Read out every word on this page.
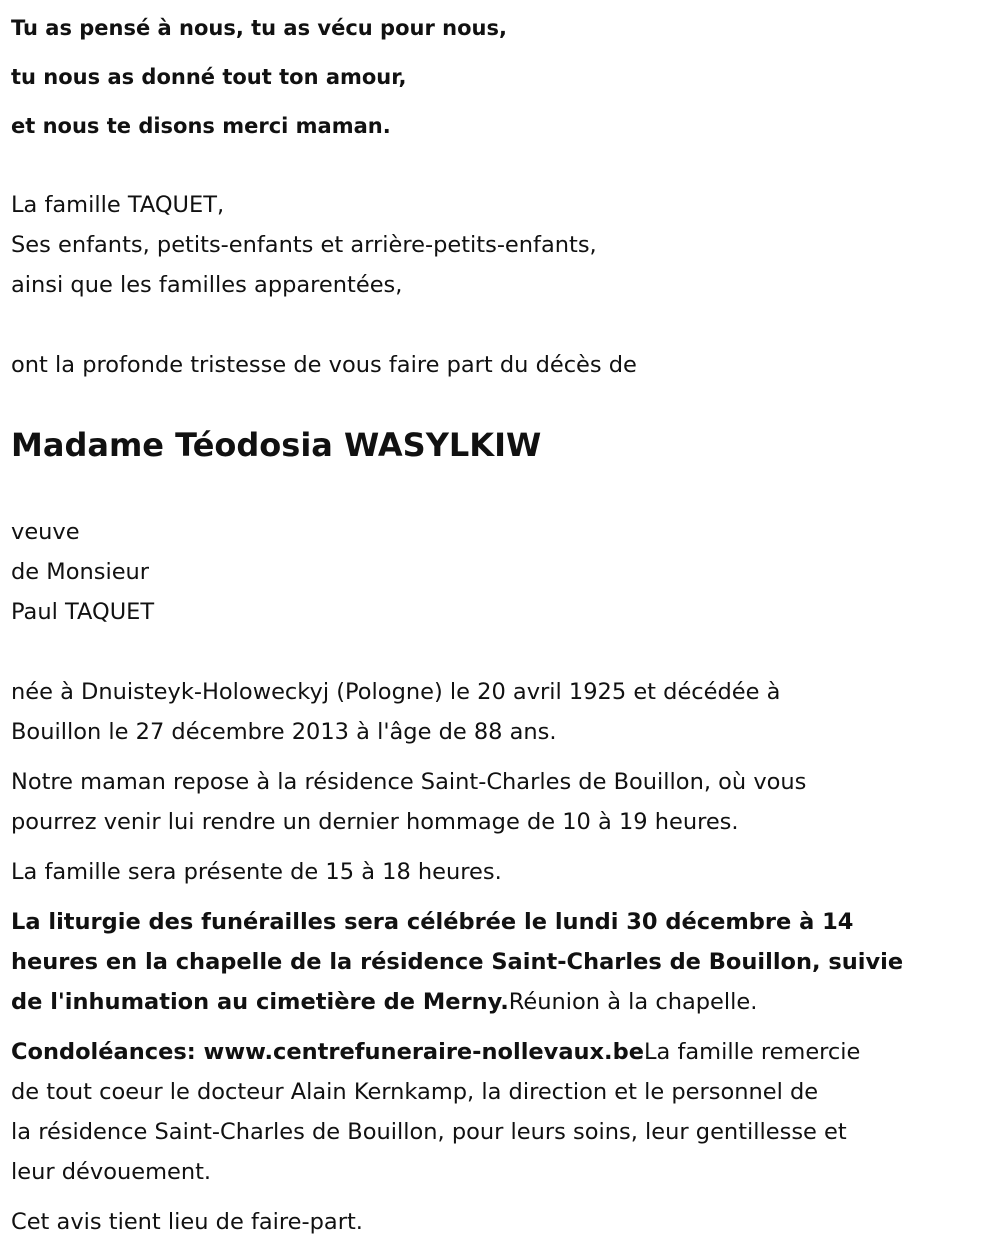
Tu as pensé à nous, tu as vécu pour nous,
tu nous as donné tout ton amour,
et nous te disons merci maman.
La famille TAQUET,
Ses enfants, petits-enfants et arrière-petits-enfants,
ainsi que les familles apparentées,
ont la profonde tristesse de vous faire part du décès de
Madame Téodosia WASYLKIW
veuve
de Monsieur
Paul TAQUET
née à Dnuisteyk-Holoweckyj (Pologne) le 20 avril 1925 et décédée à
Bouillon le 27 décembre 2013 à l'âge de 88 ans.
Notre maman repose à la résidence Saint-Charles de Bouillon, où vous
pourrez venir lui rendre un dernier hommage de 10 à 19 heures.
La famille sera présente de 15 à 18 heures.
La liturgie des funérailles sera célébrée le lundi 30 décembre à 14
heures en la chapelle de la résidence Saint-Charles de Bouillon, suivie
de l'inhumation au cimetière de Merny.Réunion à la chapelle.
Condoléances: www.centrefuneraire-nollevaux.beLa famille remercie
de tout coeur le docteur Alain Kernkamp, la direction et le personnel de
la résidence Saint-Charles de Bouillon, pour leurs soins, leur gentillesse et
leur dévouement.
Cet avis tient lieu de faire-part.
